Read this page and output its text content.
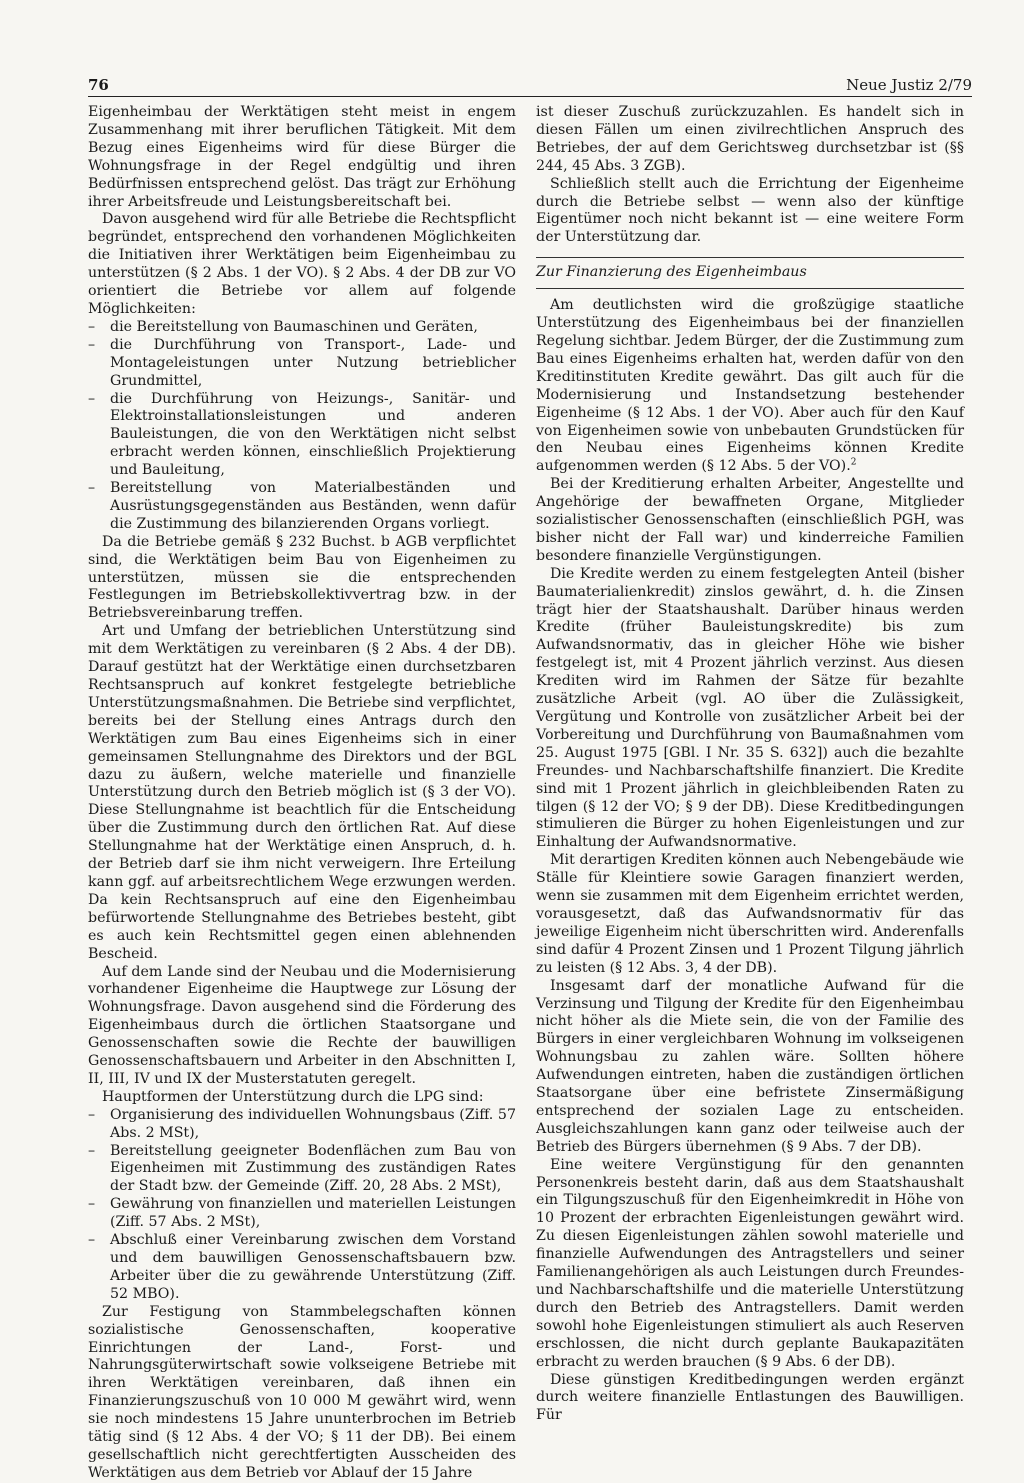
76	Neue Justiz 2/79

Eigenheimbau der Werktätigen steht meist in engem Zusammenhang mit ihrer beruflichen Tätigkeit. Mit dem Bezug eines Eigenheims wird für diese Bürger die Wohnungsfrage in der Regel endgültig und ihren Bedürfnissen entsprechend gelöst. Das trägt zur Erhöhung ihrer Arbeitsfreude und Leistungsbereitschaft bei.

Davon ausgehend wird für alle Betriebe die Rechtspflicht begründet, entsprechend den vorhandenen Möglichkeiten die Initiativen ihrer Werktätigen beim Eigenheimbau zu unterstützen (§ 2 Abs. 1 der VO). § 2 Abs. 4 der DB zur VO orientiert die Betriebe vor allem auf folgende Möglichkeiten:

– die Bereitstellung von Baumaschinen und Geräten,
– die Durchführung von Transport-, Lade- und Montageleistungen unter Nutzung betrieblicher Grundmittel,
– die Durchführung von Heizungs-, Sanitär- und Elektroinstallationsleistungen und anderen Bauleistungen, die von den Werktätigen nicht selbst erbracht werden können, einschließlich Projektierung und Bauleitung,
– Bereitstellung von Materialbeständen und Ausrüstungsgegenständen aus Beständen, wenn dafür die Zustimmung des bilanzierenden Organs vorliegt.

Da die Betriebe gemäß § 232 Buchst. b AGB verpflichtet sind, die Werktätigen beim Bau von Eigenheimen zu unterstützen, müssen sie die entsprechenden Festlegungen im Betriebskollektivvertrag bzw. in der Betriebsvereinbarung treffen.

Art und Umfang der betrieblichen Unterstützung sind mit dem Werktätigen zu vereinbaren (§ 2 Abs. 4 der DB). Darauf gestützt hat der Werktätige einen durchsetzbaren Rechtsanspruch auf konkret festgelegte betriebliche Unterstützungsmaßnahmen. Die Betriebe sind verpflichtet, bereits bei der Stellung eines Antrags durch den Werktätigen zum Bau eines Eigenheims sich in einer gemeinsamen Stellungnahme des Direktors und der BGL dazu zu äußern, welche materielle und finanzielle Unterstützung durch den Betrieb möglich ist (§ 3 der VO). Diese Stellungnahme ist beachtlich für die Entscheidung über die Zustimmung durch den örtlichen Rat. Auf diese Stellungnahme hat der Werktätige einen Anspruch, d. h. der Betrieb darf sie ihm nicht verweigern. Ihre Erteilung kann ggf. auf arbeitsrechtlichem Wege erzwungen werden. Da kein Rechtsanspruch auf eine den Eigenheimbau befürwortende Stellungnahme des Betriebes besteht, gibt es auch kein Rechtsmittel gegen einen ablehnenden Bescheid.

Auf dem Lande sind der Neubau und die Modernisierung vorhandener Eigenheime die Hauptwege zur Lösung der Wohnungsfrage. Davon ausgehend sind die Förderung des Eigenheimbaus durch die örtlichen Staatsorgane und Genossenschaften sowie die Rechte der bauwilligen Genossenschaftsbauern und Arbeiter in den Abschnitten I, II, III, IV und IX der Musterstatuten geregelt.

Hauptformen der Unterstützung durch die LPG sind:

– Organisierung des individuellen Wohnungsbaus (Ziff. 57 Abs. 2 MSt),
– Bereitstellung geeigneter Bodenflächen zum Bau von Eigenheimen mit Zustimmung des zuständigen Rates der Stadt bzw. der Gemeinde (Ziff. 20, 28 Abs. 2 MSt),
– Gewährung von finanziellen und materiellen Leistungen (Ziff. 57 Abs. 2 MSt),
– Abschluß einer Vereinbarung zwischen dem Vorstand und dem bauwilligen Genossenschaftsbauern bzw. Arbeiter über die zu gewährende Unterstützung (Ziff. 52 MBO).

Zur Festigung von Stammbelegschaften können sozialistische Genossenschaften, kooperative Einrichtungen der Land-, Forst- und Nahrungsgüterwirtschaft sowie volkseigene Betriebe mit ihren Werktätigen vereinbaren, daß ihnen ein Finanzierungszuschuß von 10 000 M gewährt wird, wenn sie noch mindestens 15 Jahre ununterbrochen im Betrieb tätig sind (§ 12 Abs. 4 der VO; § 11 der DB). Bei einem gesellschaftlich nicht gerechtfertigten Ausscheiden des Werktätigen aus dem Betrieb vor Ablauf der 15 Jahre

ist dieser Zuschuß zurückzuzahlen. Es handelt sich in diesen Fällen um einen zivilrechtlichen Anspruch des Betriebes, der auf dem Gerichtsweg durchsetzbar ist (§§ 244, 45 Abs. 3 ZGB).

Schließlich stellt auch die Errichtung der Eigenheime durch die Betriebe selbst — wenn also der künftige Eigentümer noch nicht bekannt ist — eine weitere Form der Unterstützung dar.

Zur Finanzierung des Eigenheimbaus

Am deutlichsten wird die großzügige staatliche Unterstützung des Eigenheimbaus bei der finanziellen Regelung sichtbar. Jedem Bürger, der die Zustimmung zum Bau eines Eigenheims erhalten hat, werden dafür von den Kreditinstituten Kredite gewährt. Das gilt auch für die Modernisierung und Instandsetzung bestehender Eigenheime (§ 12 Abs. 1 der VO). Aber auch für den Kauf von Eigenheimen sowie von unbebauten Grundstücken für den Neubau eines Eigenheims können Kredite aufgenommen werden (§ 12 Abs. 5 der VO).$^2$

Bei der Kreditierung erhalten Arbeiter, Angestellte und Angehörige der bewaffneten Organe, Mitglieder sozialistischer Genossenschaften (einschließlich PGH, was bisher nicht der Fall war) und kinderreiche Familien besondere finanzielle Vergünstigungen.

Die Kredite werden zu einem festgelegten Anteil (bisher Baumaterialienkredit) zinslos gewährt, d. h. die Zinsen trägt hier der Staatshaushalt. Darüber hinaus werden Kredite (früher Bauleistungskredite) bis zum Aufwandsnormativ, das in gleicher Höhe wie bisher festgelegt ist, mit 4 Prozent jährlich verzinst. Aus diesen Krediten wird im Rahmen der Sätze für bezahlte zusätzliche Arbeit (vgl. AO über die Zulässigkeit, Vergütung und Kontrolle von zusätzlicher Arbeit bei der Vorbereitung und Durchführung von Baumaßnahmen vom 25. August 1975 [GBl. I Nr. 35 S. 632]) auch die bezahlte Freundes- und Nachbarschaftshilfe finanziert. Die Kredite sind mit 1 Prozent jährlich in gleichbleibenden Raten zu tilgen (§ 12 der VO; § 9 der DB). Diese Kreditbedingungen stimulieren die Bürger zu hohen Eigenleistungen und zur Einhaltung der Aufwandsnormative.

Mit derartigen Krediten können auch Nebengebäude wie Ställe für Kleintiere sowie Garagen finanziert werden, wenn sie zusammen mit dem Eigenheim errichtet werden, vorausgesetzt, daß das Aufwandsnormativ für das jeweilige Eigenheim nicht überschritten wird. Anderenfalls sind dafür 4 Prozent Zinsen und 1 Prozent Tilgung jährlich zu leisten (§ 12 Abs. 3, 4 der DB).

Insgesamt darf der monatliche Aufwand für die Verzinsung und Tilgung der Kredite für den Eigenheimbau nicht höher als die Miete sein, die von der Familie des Bürgers in einer vergleichbaren Wohnung im volkseigenen Wohnungsbau zu zahlen wäre. Sollten höhere Aufwendungen eintreten, haben die zuständigen örtlichen Staatsorgane über eine befristete Zinsermäßigung entsprechend der sozialen Lage zu entscheiden. Ausgleichszahlungen kann ganz oder teilweise auch der Betrieb des Bürgers übernehmen (§ 9 Abs. 7 der DB).

Eine weitere Vergünstigung für den genannten Personenkreis besteht darin, daß aus dem Staatshaushalt ein Tilgungszuschuß für den Eigenheimkredit in Höhe von 10 Prozent der erbrachten Eigenleistungen gewährt wird. Zu diesen Eigenleistungen zählen sowohl materielle und finanzielle Aufwendungen des Antragstellers und seiner Familienangehörigen als auch Leistungen durch Freundes- und Nachbarschaftshilfe und die materielle Unterstützung durch den Betrieb des Antragstellers. Damit werden sowohl hohe Eigenleistungen stimuliert als auch Reserven erschlossen, die nicht durch geplante Baukapazitäten erbracht zu werden brauchen (§ 9 Abs. 6 der DB).

Diese günstigen Kreditbedingungen werden ergänzt durch weitere finanzielle Entlastungen des Bauwilligen. Für
